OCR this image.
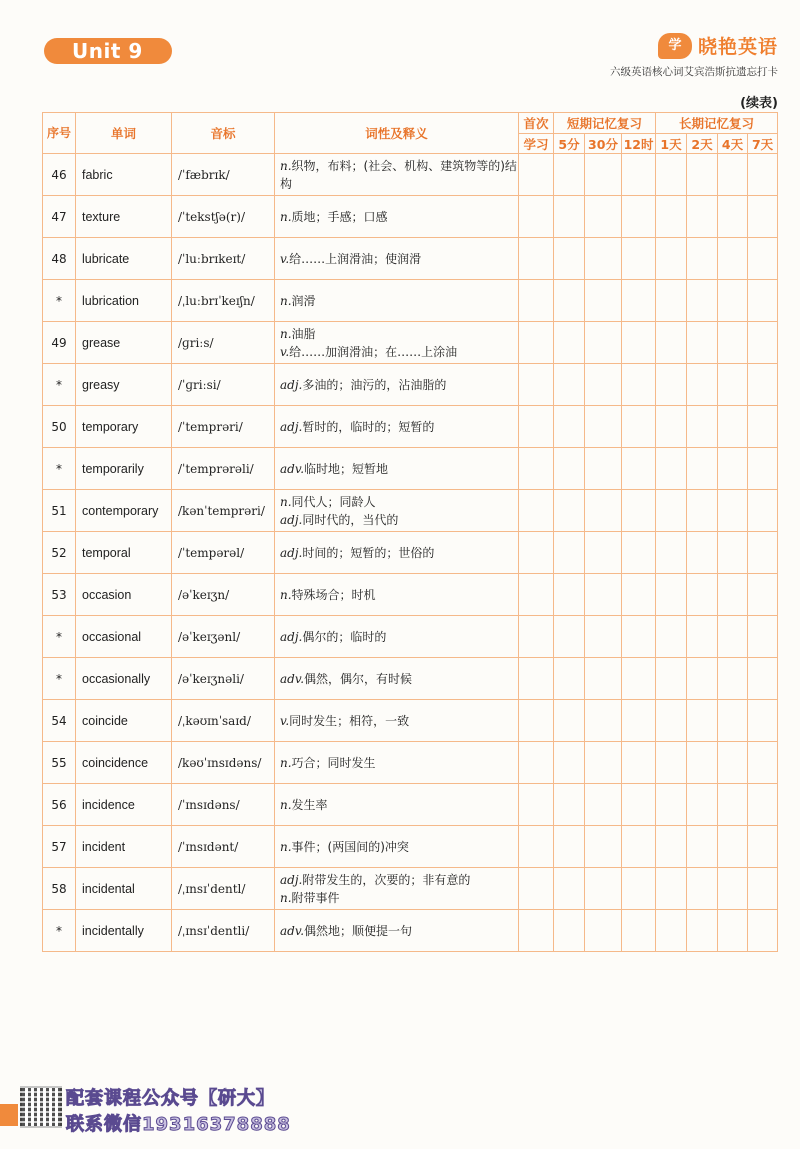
Unit 9	学 晓艳英语
六级英语核心词艾宾浩斯抗遗忘打卡
(续表)
序号	单词	音标	词性及释义	首次	短期记忆复习			长期记忆复习			
				学习	5分	30分	12时	1天	2天	4天	7天
46	fabric	/ˈfæbrɪk/	n.织物，布料；(社会、机构、建筑物等的)结构								

47	texture	/ˈtekstʃə(r)/	n.质地；手感；口感								

48	lubricate	/ˈluːbrɪkeɪt/	v.给……上润滑油；使润滑								

*	lubrication	/ˌluːbrɪˈkeɪʃn/	n.润滑								

49	grease	/ɡriːs/	n.油脂
v.给……加润滑油；在……上涂油								

*	greasy	/ˈɡriːsi/	adj.多油的；油污的，沾油脂的								

50	temporary	/ˈtemprəri/	adj.暂时的，临时的；短暂的								

*	temporarily	/ˈtemprərəli/	adv.临时地；短暂地								

51	contemporary	/kənˈtemprəri/	n.同代人；同龄人
adj.同时代的，当代的								

52	temporal	/ˈtempərəl/	adj.时间的；短暂的；世俗的								

53	occasion	/əˈkeɪʒn/	n.特殊场合；时机								

*	occasional	/əˈkeɪʒənl/	adj.偶尔的；临时的								

*	occasionally	/əˈkeɪʒnəli/	adv.偶然，偶尔，有时候								

54	coincide	/ˌkəʊɪnˈsaɪd/	v.同时发生；相符，一致								

55	coincidence	/kəʊˈɪnsɪdəns/	n.巧合；同时发生								

56	incidence	/ˈɪnsɪdəns/	n.发生率								

57	incident	/ˈɪnsɪdənt/	n.事件；(两国间的)冲突								

58	incidental	/ˌɪnsɪˈdentl/	adj.附带发生的，次要的；非有意的
n.附带事件								

*	incidentally	/ˌɪnsɪˈdentli/	adv.偶然地；顺便提一句								

配套课程公众号【研大】
联系微信19316378888
